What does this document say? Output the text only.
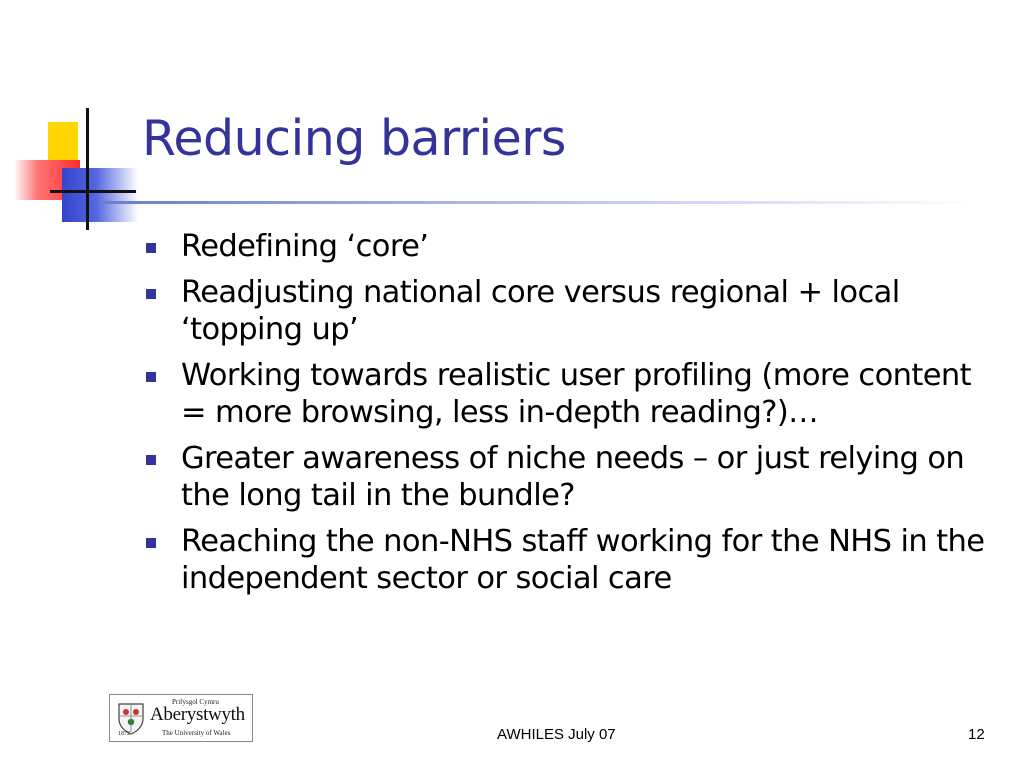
Reducing barriers
Redefining ‘core’
Readjusting national core versus regional + local ‘topping up’
Working towards realistic user profiling (more content = more browsing, less in-depth reading?)…
Greater awareness of niche needs – or just relying on the long tail in the bundle?
Reaching the non-NHS staff working for the NHS in the independent sector or social care
Prifysgol Cymru
Aberystwyth
1872	The University of Wales	AWHILES July 07	12
